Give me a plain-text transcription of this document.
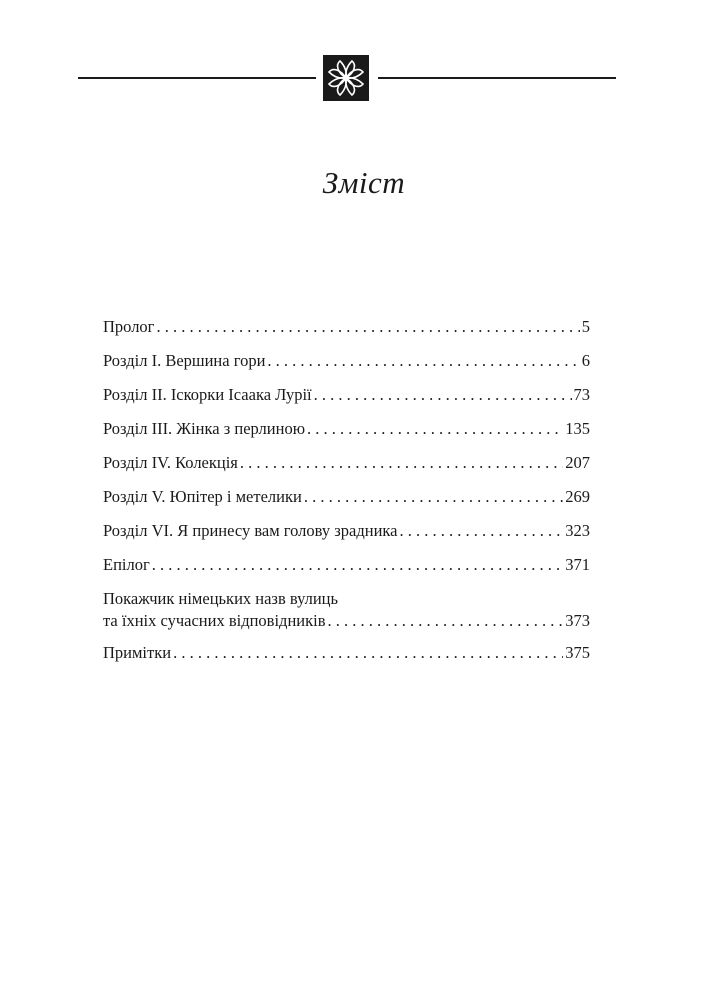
Зміст
Пролог . . .	5
Розділ I. Вершина гори . . .	6
Розділ II. Іскорки Ісаака Лурії . . .	73
Розділ III. Жінка з перлиною . . .	135
Розділ IV. Колекція . . .	207
Розділ V. Юпітер і метелики . . .	269
Розділ VI. Я принесу вам голову зрадника . . .	323
Епілог . . .	371
Покажчик німецьких назв вулиць
та їхніх сучасних відповідників . . .	373
Примітки . . .	375
